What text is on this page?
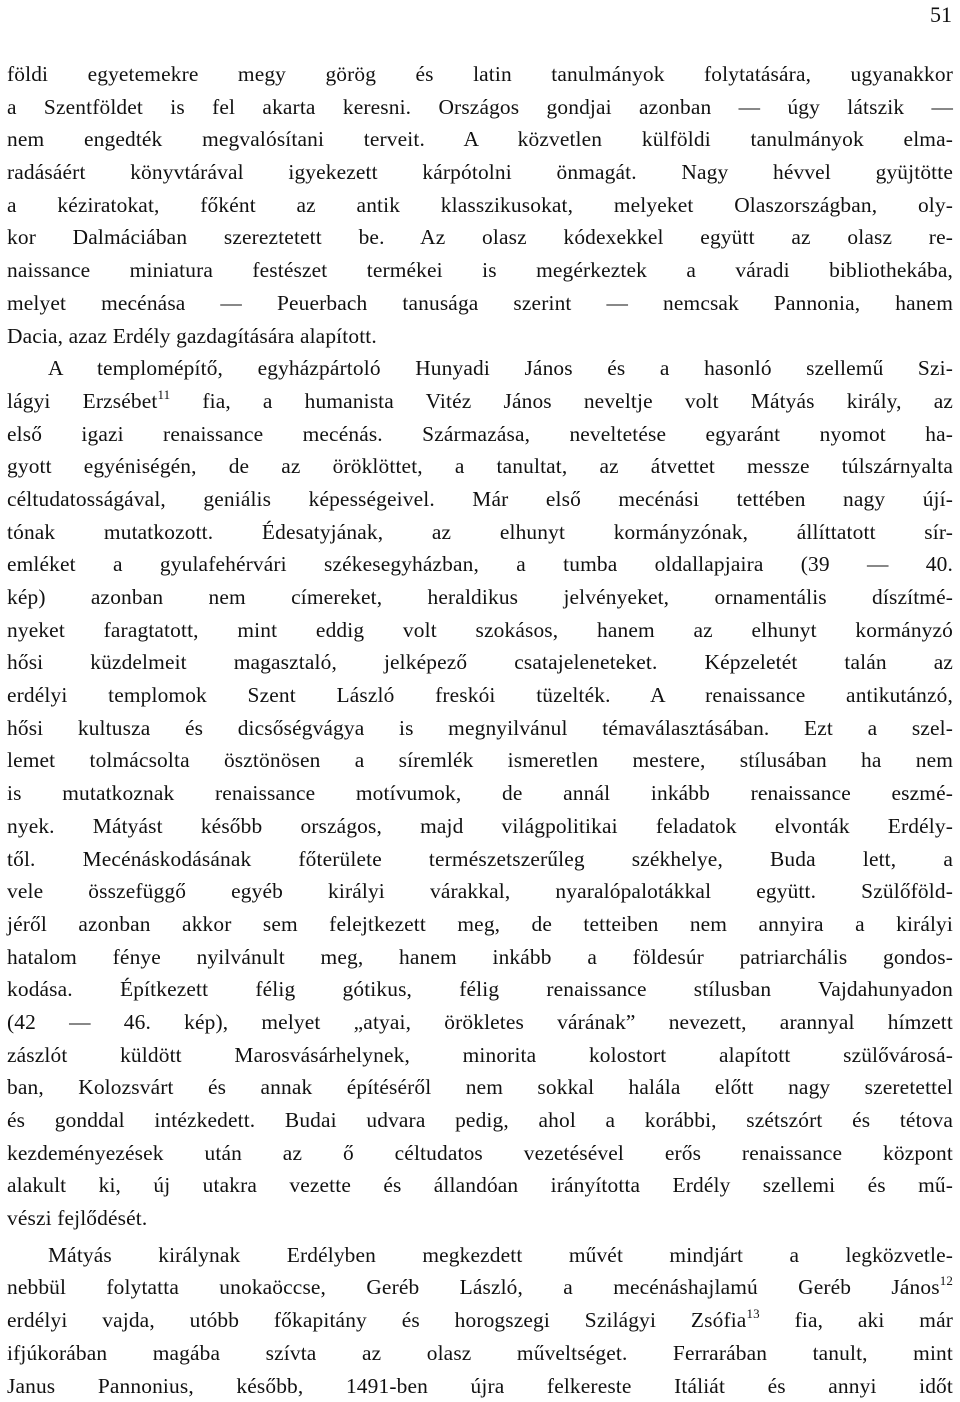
51
földi egyetemekre megy görög és latin tanulmányok folytatására, ugyanakkor
a Szentföldet is fel akarta keresni. Országos gondjai azonban — úgy látszik —
nem engedték megvalósítani terveit. A közvetlen külföldi tanulmányok elma-
radásáért könyvtárával igyekezett kárpótolni önmagát. Nagy hévvel gyüjtötte
a kéziratokat, főként az antik klasszikusokat, melyeket Olaszországban, oly-
kor Dalmáciában szereztetett be. Az olasz kódexekkel együtt az olasz re-
naissance miniatura festészet termékei is megérkeztek a váradi bibliothekába,
melyet mecénása — Peuerbach tanusága szerint — nemcsak Pannonia, hanem
Dacia, azaz Erdély gazdagítására alapított.
A templomépítő, egyházpártoló Hunyadi János és a hasonló szellemű Szi-
lágyi Erzsébet$^{11}$ fia, a humanista Vitéz János neveltje volt Mátyás király, az
első igazi renaissance mecénás. Származása, neveltetése egyaránt nyomot ha-
gyott egyéniségén, de az öröklöttet, a tanultat, az átvettet messze túlszárnyalta
céltudatosságával, geniális képességeivel. Már első mecénási tettében nagy újí-
tónak mutatkozott. Édesatyjának, az elhunyt kormányzónak, állíttatott sír-
emléket a gyulafehérvári székesegyházban, a tumba oldallapjaira (39 — 40.
kép) azonban nem címereket, heraldikus jelvényeket, ornamentális díszítmé-
nyeket faragtatott, mint eddig volt szokásos, hanem az elhunyt kormányzó
hősi küzdelmeit magasztaló, jelképező csatajeleneteket. Képzeletét talán az
erdélyi templomok Szent László freskói tüzelték. A renaissance antikutánzó,
hősi kultusza és dicsőségvágya is megnyilvánul témaválasztásában. Ezt a szel-
lemet tolmácsolta ösztönösen a síremlék ismeretlen mestere, stílusában ha nem
is mutatkoznak renaissance motívumok, de annál inkább renaissance eszmé-
nyek. Mátyást később országos, majd világpolitikai feladatok elvonták Erdély-
től. Mecénáskodásának főterülete természetszerűleg székhelye, Buda lett, a
vele összefüggő egyéb királyi várakkal, nyaralópalotákkal együtt. Szülőföld-
jéről azonban akkor sem felejtkezett meg, de tetteiben nem annyira a királyi
hatalom fénye nyilvánult meg, hanem inkább a földesúr patriarchális gondos-
kodása. Építkezett félig gótikus, félig renaissance stílusban Vajdahunyadon
(42 — 46. kép), melyet „atyai, örökletes várának” nevezett, arannyal hímzett
zászlót küldött Marosvásárhelynek, minorita kolostort alapított szülővárosá-
ban, Kolozsvárt és annak építéséről nem sokkal halála előtt nagy szeretettel
és gonddal intézkedett. Budai udvara pedig, ahol a korábbi, szétszórt és tétova
kezdeményezések után az ő céltudatos vezetésével erős renaissance központ
alakult ki, új utakra vezette és állandóan irányította Erdély szellemi és mű-
vészi fejlődését.
Mátyás királynak Erdélyben megkezdett művét mindjárt a legközvetle-
nebbül folytatta unokaöccse, Geréb László, a mecénáshajlamú Geréb János$^{12}$
erdélyi vajda, utóbb főkapitány és horogszegi Szilágyi Zsófia$^{13}$ fia, aki már
ifjúkorában magába szívta az olasz műveltséget. Ferrarában tanult, mint
Janus Pannonius, később, 1491-ben újra felkereste Itáliát és annyi időt
